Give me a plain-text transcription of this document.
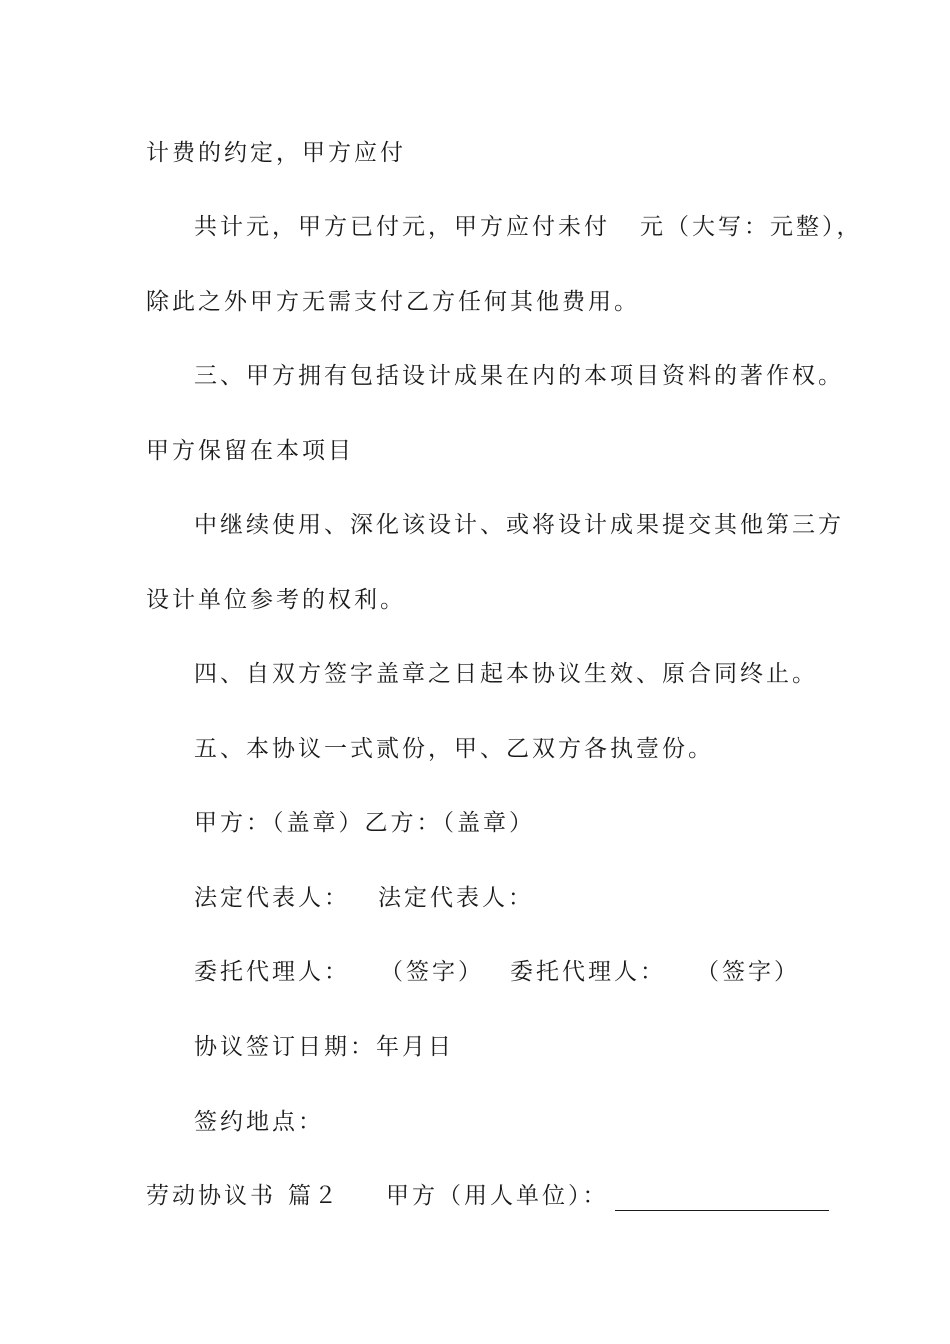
计费的约定，甲方应付
共计元，甲方已付元，甲方应付未付 元（大写：元整），
除此之外甲方无需支付乙方任何其他费用。
三、甲方拥有包括设计成果在内的本项目资料的著作权。
甲方保留在本项目
中继续使用、深化该设计、或将设计成果提交其他第三方
设计单位参考的权利。
四、自双方签字盖章之日起本协议生效、原合同终止。
五、本协议一式贰份，甲、乙双方各执壹份。
甲方：（盖章）乙方：（盖章）
法定代表人： 法定代表人：
委托代理人： （签字） 委托代理人： （签字）
协议签订日期：年月日
签约地点：
劳动协议书 篇２ 甲方（用人单位）：
